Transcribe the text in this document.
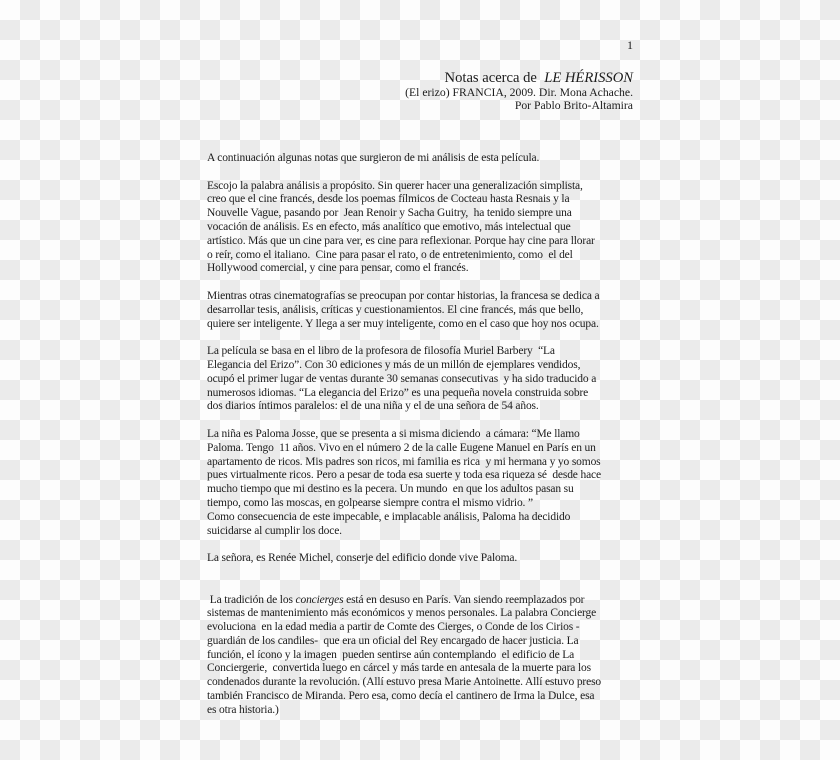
1
Notas acerca de  LE HÉRISSON
(El erizo) FRANCIA, 2009. Dir. Mona Achache.
Por Pablo Brito-Altamira
A continuación algunas notas que surgieron de mi análisis de esta película.
Escojo la palabra análisis a propósito. Sin querer hacer una generalización simplista,
creo que el cine francés, desde los poemas fílmicos de Cocteau hasta Resnais y la
Nouvelle Vague, pasando por  Jean Renoir y Sacha Guitry,  ha tenido siempre una
vocación de análisis. Es en efecto, más analítico que emotivo, más intelectual que
artístico. Más que un cine para ver, es cine para reflexionar. Porque hay cine para llorar
o reír, como el italiano.  Cine para pasar el rato, o de entretenimiento, como  el del
Hollywood comercial, y cine para pensar, como el francés.
Mientras otras cinematografías se preocupan por contar historias, la francesa se dedica a
desarrollar tesis, análisis, críticas y cuestionamientos. El cine francés, más que bello,
quiere ser inteligente. Y llega a ser muy inteligente, como en el caso que hoy nos ocupa.
La película se basa en el libro de la profesora de filosofía Muriel Barbery  “La
Elegancia del Erizo”. Con 30 ediciones y más de un millón de ejemplares vendidos,
ocupó el primer lugar de ventas durante 30 semanas consecutivas  y ha sido traducido a
numerosos idiomas. “La elegancia del Erizo” es una pequeña novela construida sobre
dos diarios íntimos paralelos: el de una niña y el de una señora de 54 años.
La niña es Paloma Josse, que se presenta a si misma diciendo  a cámara: “Me llamo
Paloma. Tengo  11 años. Vivo en el número 2 de la calle Eugene Manuel en París en un
apartamento de ricos. Mis padres son ricos, mi familia es rica  y mi hermana y yo somos
pues virtualmente ricos. Pero a pesar de toda esa suerte y toda esa riqueza sé  desde hace
mucho tiempo que mi destino es la pecera. Un mundo  en que los adultos pasan su
tiempo, como las moscas, en golpearse siempre contra el mismo vidrio. ”
Como consecuencia de este impecable, e implacable análisis, Paloma ha decidido
suicidarse al cumplir los doce.
La señora, es Renée Michel, conserje del edificio donde vive Paloma.
La tradición de los concierges está en desuso en París. Van siendo reemplazados por
sistemas de mantenimiento más económicos y menos personales. La palabra Concierge
evoluciona  en la edad media a partir de Comte des Cierges, o Conde de los Cirios -
guardián de los candiles-  que era un oficial del Rey encargado de hacer justicia. La
función, el ícono y la imagen  pueden sentirse aún contemplando  el edificio de La
Conciergerie,  convertida luego en cárcel y más tarde en antesala de la muerte para los
condenados durante la revolución. (Allí estuvo presa Marie Antoinette. Allí estuvo preso
también Francisco de Miranda. Pero esa, como decía el cantinero de Irma la Dulce, esa
es otra historia.)
